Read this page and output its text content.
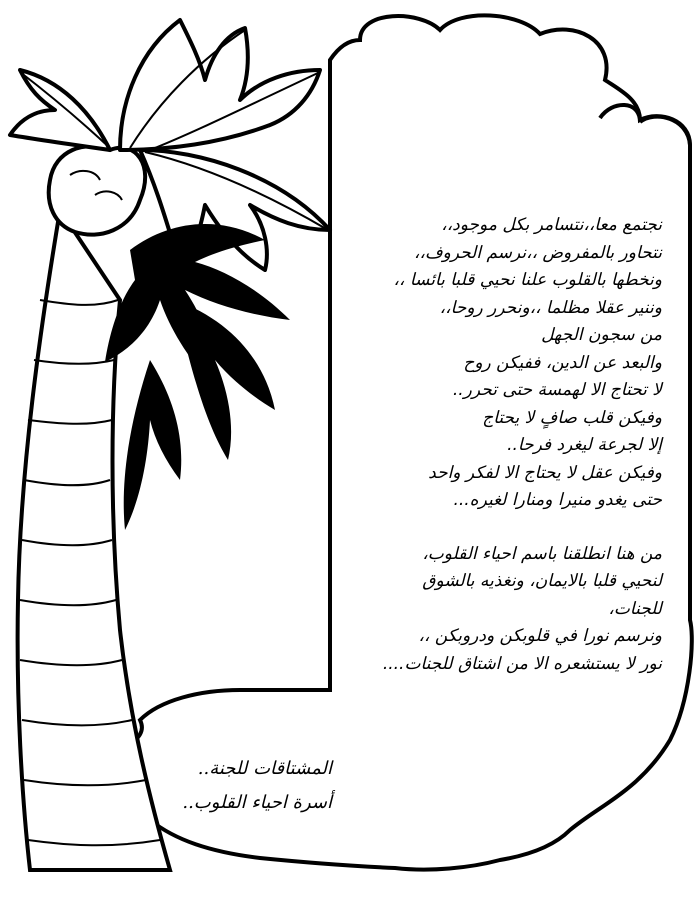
نجتمع معا،،نتسامر بكل موجود،،
نتحاور بالمفروض ،،نرسم الحروف،،
ونخطها بالقلوب علنا نحيي قلبا بائسا ،،
وننير عقلا مظلما ،،ونحرر روحا،،
من سجون الجهل
والبعد عن الدين، ففيكن روح
لا تحتاج الا لهمسة حتى تحرر..
وفيكن قلب صافٍ لا يحتاج
إلا لجرعة ليغرد فرحا..
وفيكن عقل لا يحتاج الا لفكر واحد
حتى يغدو منيرا ومنارا لغيره...
من هنا انطلقنا باسم احياء القلوب،
لنحيي قلبا بالايمان، ونغذيه بالشوق
للجنات،
ونرسم نورا في قلوبكن ودروبكن ،،
نور لا يستشعره الا من اشتاق للجنات....
المشتاقات للجنة..
أسرة احياء القلوب..
